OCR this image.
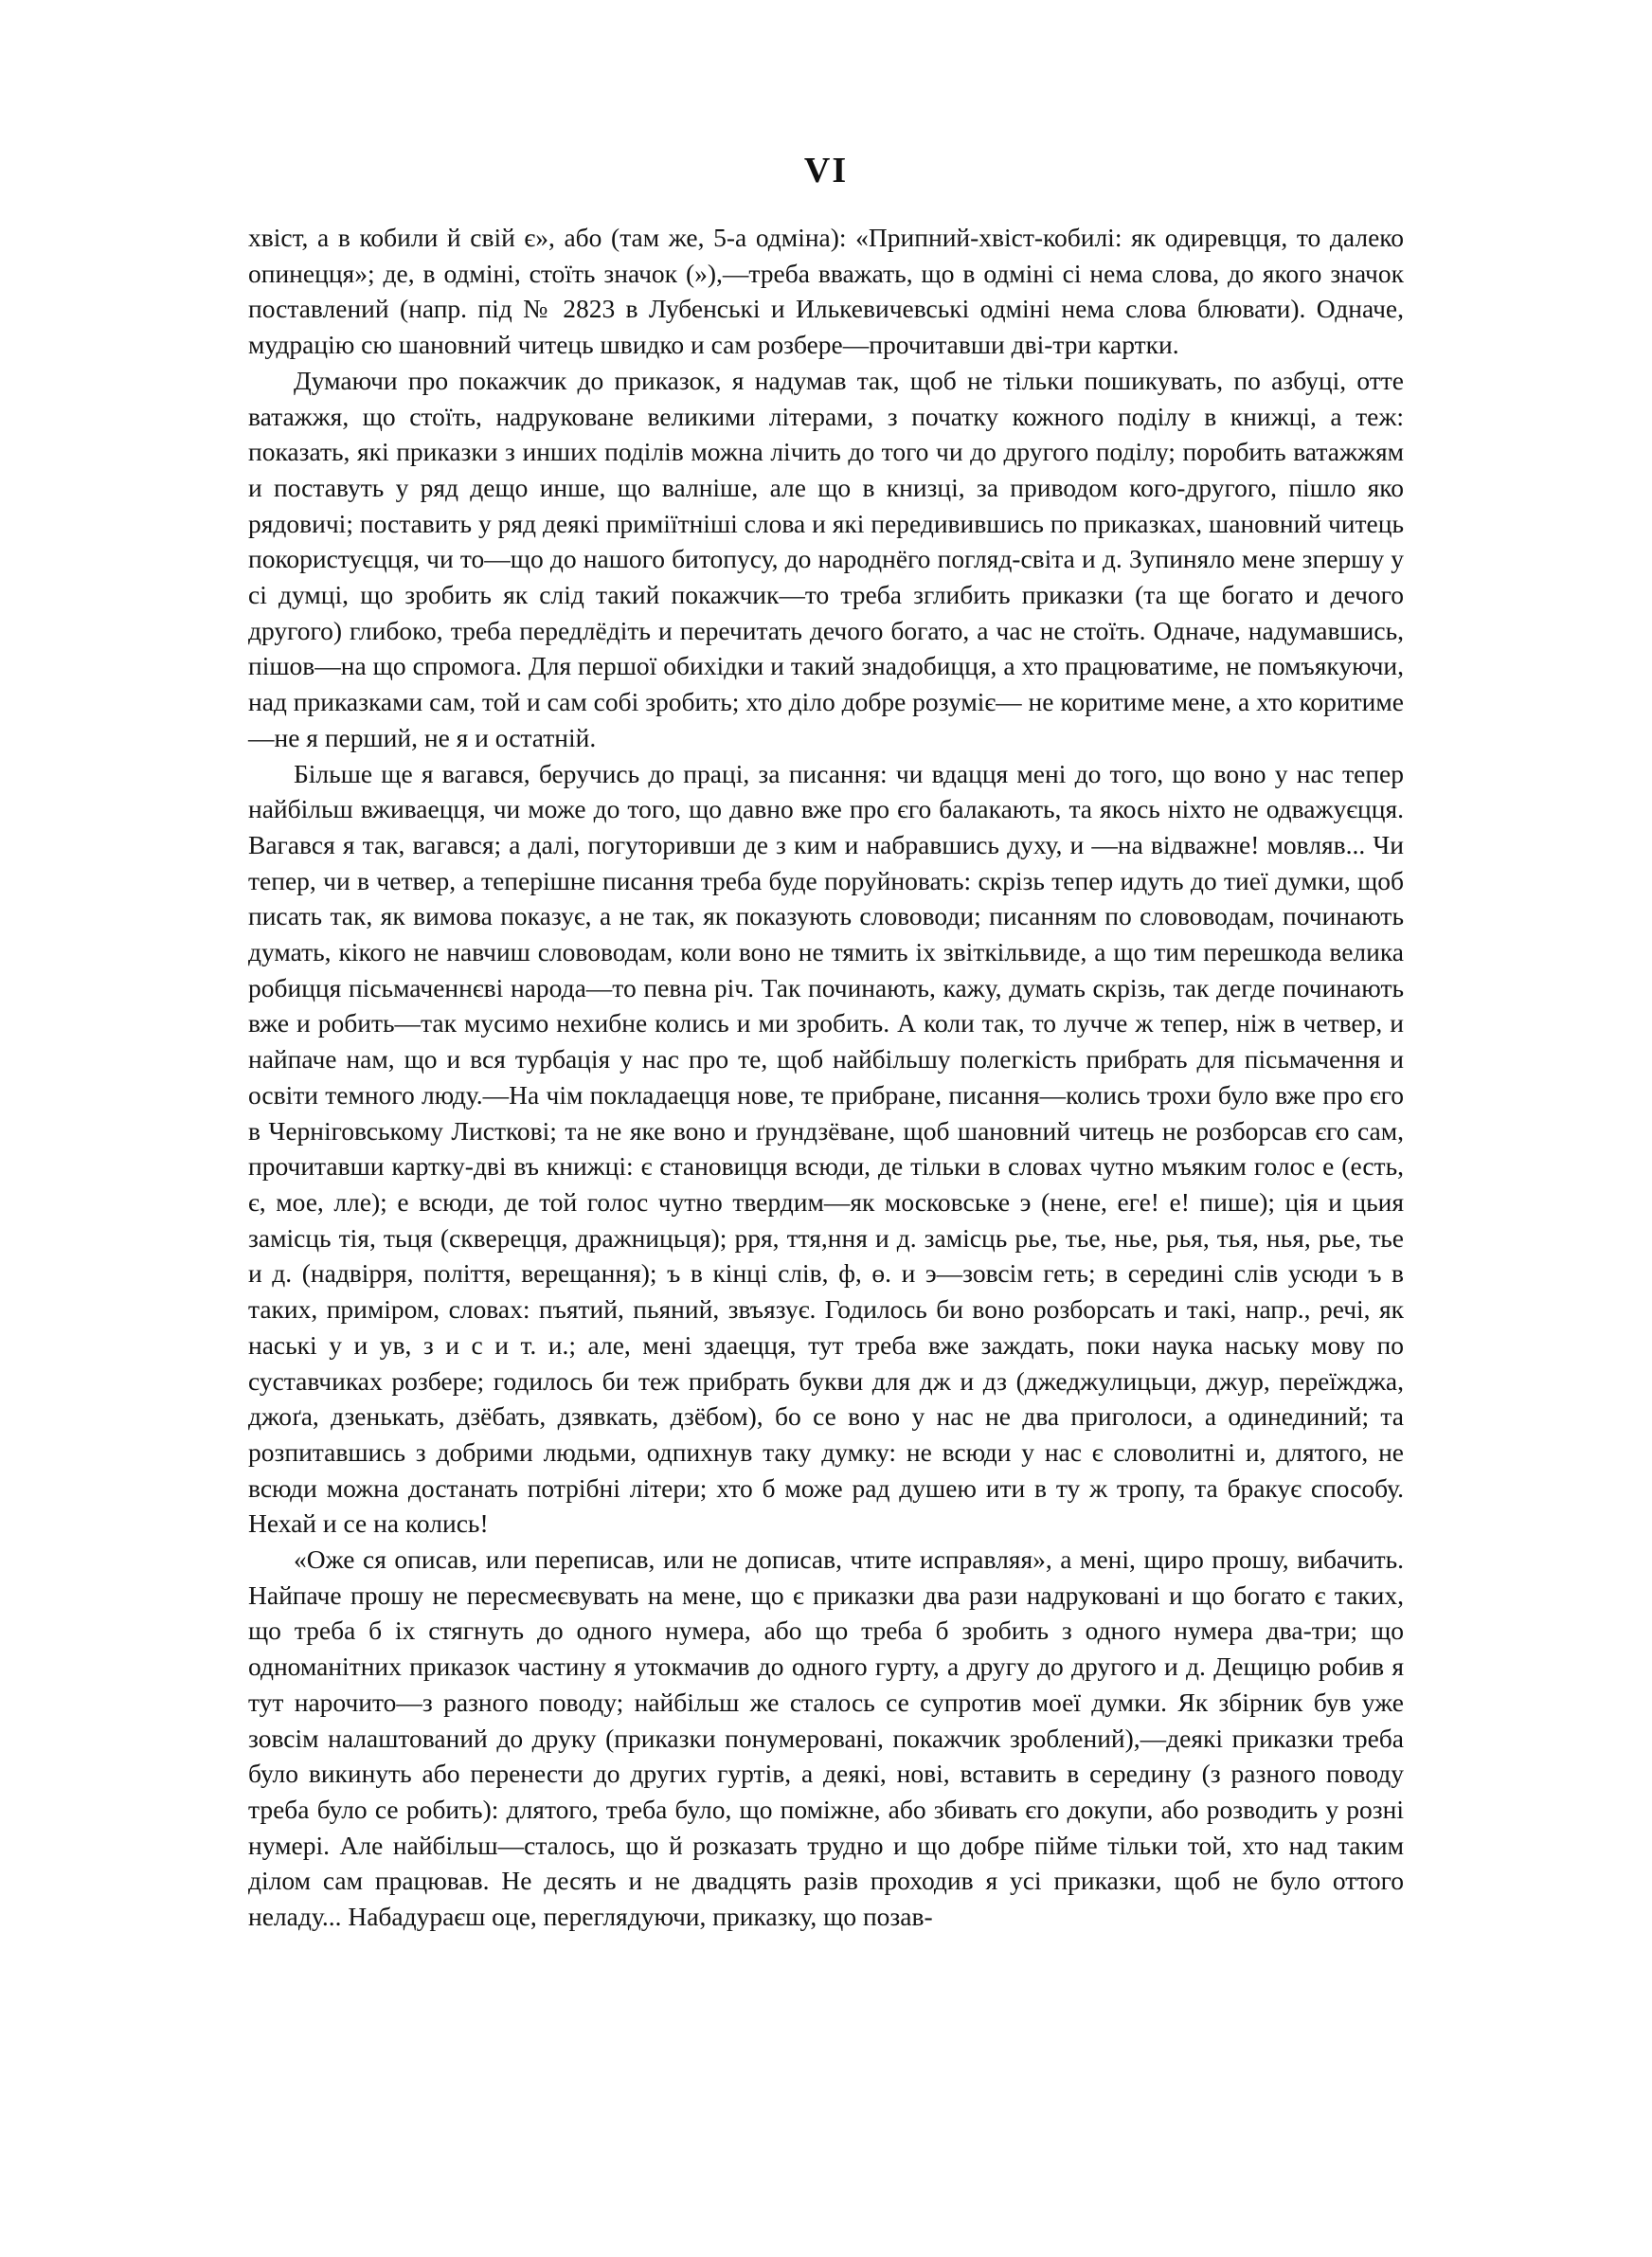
VI

хвіст, а в кобили й свій є», або (там же, 5-а одміна): «Припний-хвіст-кобилі: як одиревцця, то далеко опинецця»; де, в одміні, стоїть значок (»),—треба вважать, що в одміні сі нема слова, до якого значок поставлений (напр. під № 2823 в Лубенські и Илькевичевські одміні нема слова блювати). Одначе, мудрацію сю шановний читець швидко и сам розбере—прочитавши дві-три картки.

Думаючи про покажчик до приказок, я надумав так, щоб не тільки пошикувать, по азбуці, отте ватажжя, що стоїть, надруковане великими літерами, з початку кожного поділу в книжці, а теж: показать, які приказки з инших поділів можна лічить до того чи до другого поділу; поробить ватажжям и поставуть у ряд дещо инше, що валніше, але що в книзці, за приводом кого-другого, пішло яко рядовичі; поставить у ряд деякі приміїтніші слова и які передивившись по приказках, шановний читець покористуєцця, чи то—що до нашого битопусу, до народнёго погляд-світа и д. Зупиняло мене зпершу у сі думці, що зробить як слід такий покажчик—то треба зглибить приказки (та ще богато и дечого другого) глибоко, треба передлёдіть и перечитать дечого богато, а час не стоїть. Одначе, надумавшись, пішов—на що спромога. Для першої обихідки и такий знадобицця, а хто працюватиме, не помъякуючи, над приказками сам, той и сам собі зробить; хто діло добре розуміє— не коритиме мене, а хто коритиме—не я перший, не я и остатній.

Більше ще я вагався, беручись до праці, за писання: чи вдацця мені до того, що воно у нас тепер найбільш вживаецця, чи може до того, що давно вже про єго балакають, та якось ніхто не одважуєцця. Вагався я так, вагався; а далі, погуторивши де з ким и набравшись духу, и —на відважне! мовляв... Чи тепер, чи в четвер, а теперішне писання треба буде поруйновать: скрізь тепер идуть до тиеї думки, щоб писать так, як вимова показує, а не так, як показують слововоди; писанням по слововодам, починають думать, кікого не навчиш слововодам, коли воно не тямить іх звіткільвиде, а що тим перешкода велика робицця пісьмаченнєві народа—то певна річ. Так починають, кажу, думать скрізь, так дегде починають вже и робить—так мусимо нехибне колись и ми зробить. А коли так, то лучче ж тепер, ніж в четвер, и найпаче нам, що и вся турбація у нас про те, щоб найбільшу полегкість прибрать для пісьмачення и освіти темного люду.—На чім покладаецця нове, те прибране, писання—колись трохи було вже про єго в Черніговському Листкові; та не яке воно и ґрундзёване, щоб шановний читець не розборсав єго сам, прочитавши картку-дві въ книжці: є становицця всюди, де тільки в словах чутно мъяким голос е (есть, є, мое, лле); е всюди, де той голос чутно твердим—як московське э (нене, еге! е! пише); ція и цьия замісць тія, тьця (скверецця, дражницьця); рря, ття,ння и д. замісць рье, тье, нье, рья, тья, нья, рье, тье и д. (надвірря, поліття, верещання); ъ в кінці слів, ф, ө. и э—зовсім геть; в середині слів усюди ъ в таких, приміром, словах: пъятий, пьяний, звъязує. Годилось би воно розборсать и такі, напр., речі, як наські у и ув, з и с и т. и.; але, мені здаецця, тут треба вже заждать, поки наука наську мову по суставчиках розбере; годилось би теж прибрать букви для дж и дз (джеджулицьци, джур, переїжджа, джоґа, дзенькать, дзёбать, дзявкать, дзёбом), бо се воно у нас не два приголоси, а одинединий; та розпитавшись з добрими людьми, одпихнув таку думку: не всюди у нас є словолитні и, длятого, не всюди можна достанать потрібні літери; хто б може рад душею ити в ту ж тропу, та бракує способу. Нехай и се на колись!

«Оже ся описав, или переписав, или не дописав, чтите исправляя», а мені, щиро прошу, вибачить. Найпаче прошу не пересмеєвувать на мене, що є приказки два рази надруковані и що богато є таких, що треба б іх стягнуть до одного нумера, або що треба б зробить з одного нумера два-три; що одноманітних приказок частину я утокмачив до одного гурту, а другу до другого и д. Дещицю робив я тут нарочито—з разного поводу; найбільш же сталось се супротив моеї думки. Як збірник був уже зовсім налаштований до друку (приказки понумеровані, покажчик зроблений),—деякі приказки треба було викинуть або перенести до других гуртів, а деякі, нові, вставить в середину (з разного поводу треба було се робить): длятого, треба було, що поміжне, або збивать єго докупи, або розводить у розні нумері. Але найбільш—сталось, що й розказать трудно и що добре пійме тільки той, хто над таким ділом сам працював. Не десять и не двадцять разів проходив я усі приказки, щоб не було оттого неладу... Набадураєш оце, переглядуючи, приказку, що позав-
